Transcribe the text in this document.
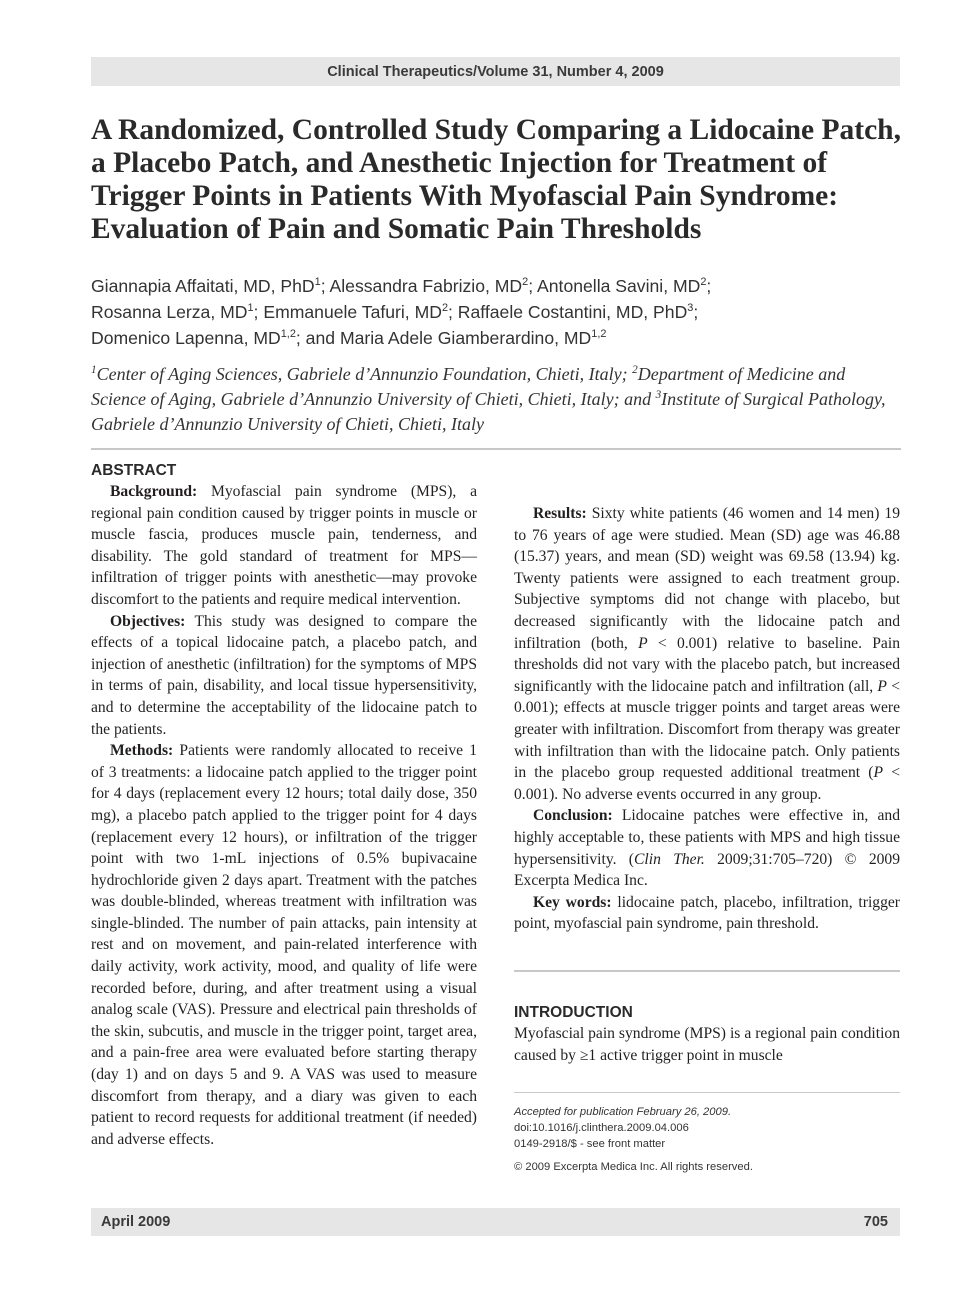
Clinical Therapeutics/Volume 31, Number 4, 2009
A Randomized, Controlled Study Comparing a Lidocaine Patch, a Placebo Patch, and Anesthetic Injection for Treatment of Trigger Points in Patients With Myofascial Pain Syndrome: Evaluation of Pain and Somatic Pain Thresholds
Giannapia Affaitati, MD, PhD$^1$; Alessandra Fabrizio, $MD^2$; Antonella Savini, $MD^2$;
Rosanna Lerza, $MD^1$; Emmanuele Tafuri, $MD^2$; Raffaele Costantini, MD, PhD$^3$;
Domenico Lapenna, MD$^{1,2}$; and Maria Adele Giamberardino, MD$^{1,2}$
$^1$Center of Aging Sciences, Gabriele d’Annunzio Foundation, Chieti, Italy; $^2$Department of Medicine and Science of Aging, Gabriele d’Annunzio University of Chieti, Chieti, Italy; and $^3$Institute of Surgical Pathology, Gabriele d’Annunzio University of Chieti, Chieti, Italy
ABSTRACT

Background: Myofascial pain syndrome (MPS), a regional pain condition caused by trigger points in muscle or muscle fascia, produces muscle pain, tenderness, and disability. The gold standard of treatment for MPS—infiltration of trigger points with anesthetic—may provoke discomfort to the patients and require medical intervention.

Objectives: This study was designed to compare the effects of a topical lidocaine patch, a placebo patch, and injection of anesthetic (infiltration) for the symptoms of MPS in terms of pain, disability, and local tissue hypersensitivity, and to determine the acceptability of the lidocaine patch to the patients.

Methods: Patients were randomly allocated to receive 1 of 3 treatments: a lidocaine patch applied to the trigger point for 4 days (replacement every 12 hours; total daily dose, 350 mg), a placebo patch applied to the trigger point for 4 days (replacement every 12 hours), or infiltration of the trigger point with two 1-mL injections of 0.5% bupivacaine hydrochloride given 2 days apart. Treatment with the patches was double-blinded, whereas treatment with infiltration was single-blinded. The number of pain attacks, pain intensity at rest and on movement, and pain-related interference with daily activity, work activity, mood, and quality of life were recorded before, during, and after treatment using a visual analog scale (VAS). Pressure and electrical pain thresholds of the skin, subcutis, and muscle in the trigger point, target area, and a pain-free area were evaluated before starting therapy (day 1) and on days 5 and 9. A VAS was used to measure discomfort from therapy, and a diary was given to each patient to record requests for additional treatment (if needed) and adverse effects.

Results: Sixty white patients (46 women and 14 men) 19 to 76 years of age were studied. Mean (SD) age was 46.88 (15.37) years, and mean (SD) weight was 69.58 (13.94) kg. Twenty patients were assigned to each treatment group. Subjective symptoms did not change with placebo, but decreased significantly with the lidocaine patch and infiltration (both, P < 0.001) relative to baseline. Pain thresholds did not vary with the placebo patch, but increased significantly with the lidocaine patch and infiltration (all, P < 0.001); effects at muscle trigger points and target areas were greater with infiltration. Discomfort from therapy was greater with infiltration than with the lidocaine patch. Only patients in the placebo group requested additional treatment (P < 0.001). No adverse events occurred in any group.

Conclusion: Lidocaine patches were effective in, and highly acceptable to, these patients with MPS and high tissue hypersensitivity. (Clin Ther. 2009;31:705–720) © 2009 Excerpta Medica Inc.

Key words: lidocaine patch, placebo, infiltration, trigger point, myofascial pain syndrome, pain threshold.

INTRODUCTION

Myofascial pain syndrome (MPS) is a regional pain condition caused by ≥1 active trigger point in muscle

Accepted for publication February 26, 2009.
doi:10.1016/j.clinthera.2009.04.006
0149-2918/$ - see front matter
© 2009 Excerpta Medica Inc. All rights reserved.
April 2009	705
